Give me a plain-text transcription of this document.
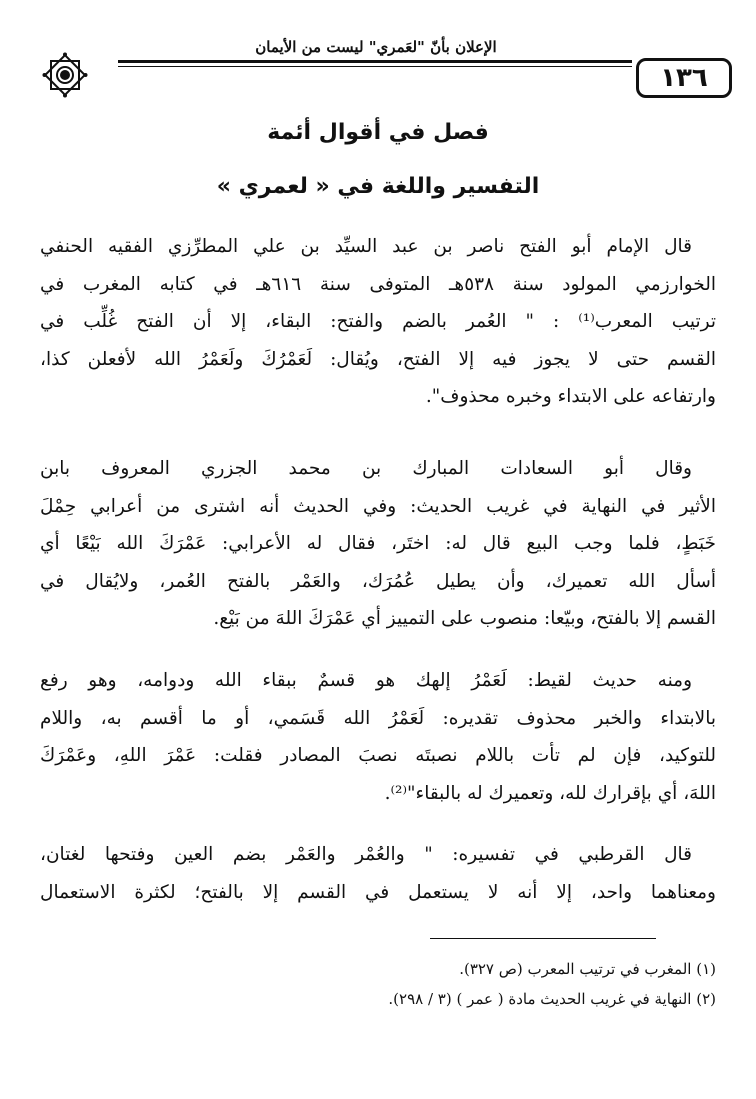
الإعلان بأنّ "لعَمري" ليست من الأيمان
١٣٦
فصل في أقوال أئمة
التفسير واللغة في « لعمري »

قال الإمام أبو الفتح ناصر بن عبد السيِّد بن علي المطرِّزي الفقيه الحنفي

الخوارزمي المولود سنة ٥٣٨هـ المتوفى سنة ٦١٦هـ في كتابه المغرب في

ترتيب المعرب⁽¹⁾ : " العُمر بالضم والفتح: البقاء، إلا أن الفتح غُلِّب في

القسم حتى لا يجوز فيه إلا الفتح، ويُقال: لَعَمْرُكَ ولَعَمْرُ الله لأفعلن كذا،

وارتفاعه على الابتداء وخبره محذوف".

وقال أبو السعادات المبارك بن محمد الجزري المعروف بابن

الأثير في النهاية في غريب الحديث: وفي الحديث أنه اشترى من أعرابي حِمْلَ

خَبَطٍ، فلما وجب البيع قال له: اختَر، فقال له الأعرابي: عَمْرَكَ الله بَيْعًا أي

أسأل الله تعميرك، وأن يطيل عُمُرَك، والعَمْر بالفتح العُمر، ولايُقال في

القسم إلا بالفتح، وبيّعا: منصوب على التمييز أي عَمْرَكَ اللهَ من بَيْع.

ومنه حديث لقيط: لَعَمْرُ إلهك هو قسمٌ ببقاء الله ودوامه، وهو رفع

بالابتداء والخبر محذوف تقديره: لَعَمْرُ الله قَسَمي، أو ما أقسم به، واللام

للتوكيد، فإن لم تأت باللام نصبتَه نصبَ المصادر فقلت: عَمْرَ اللهِ، وعَمْرَكَ

اللهَ، أي بإقرارك لله، وتعميرك له بالبقاء"⁽²⁾.

قال القرطبي في تفسيره: " والعُمْر والعَمْر بضم العين وفتحها لغتان،

ومعناهما واحد، إلا أنه لا يستعمل في القسم إلا بالفتح؛ لكثرة الاستعمال

(١) المغرب في ترتيب المعرب (ص ٣٢٧).
(٢) النهاية في غريب الحديث مادة ( عمر ) (٣ / ٢٩٨).
